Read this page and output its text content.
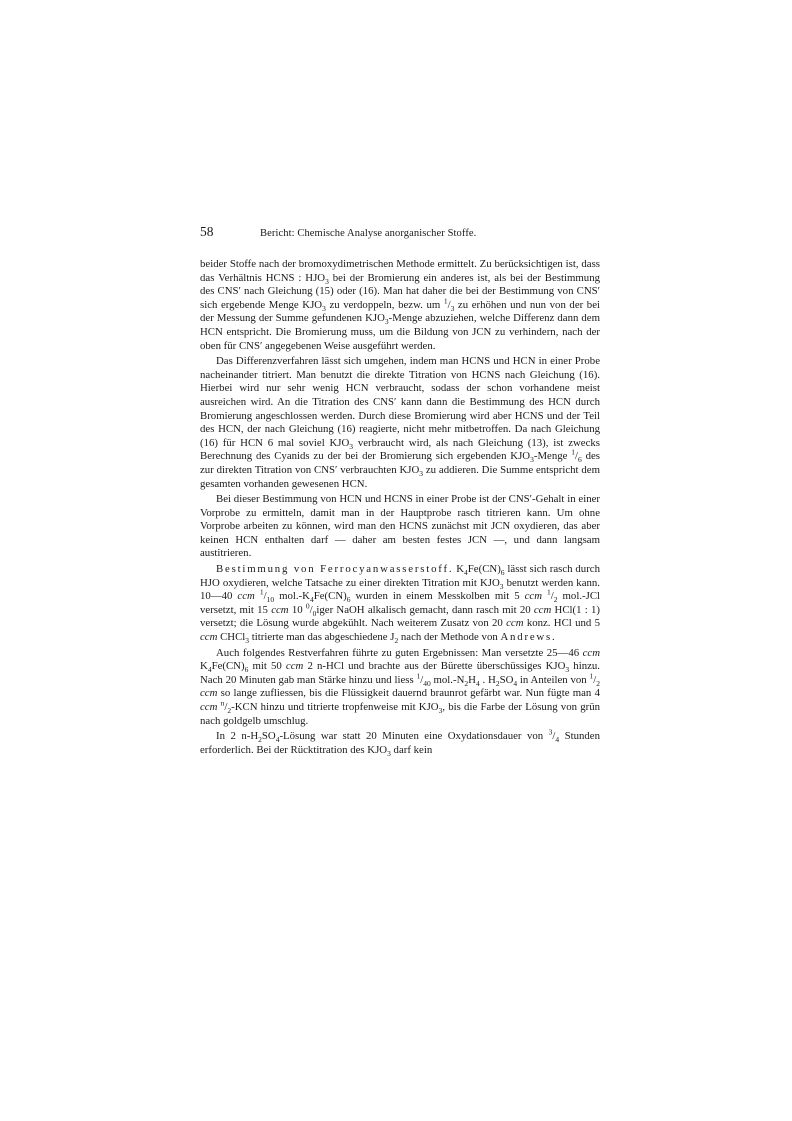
58	Bericht: Chemische Analyse anorganischer Stoffe.

beider Stoffe nach der bromoxydimetrischen Methode ermittelt. Zu berücksichtigen ist, dass das Verhältnis HCNS : $HJO_3$ bei der Bromierung ein anderes ist, als bei der Bestimmung des CNS′ nach Gleichung (15) oder (16). Man hat daher die bei der Bestimmung von CNS′ sich ergebende Menge $KJO_3$ zu verdoppeln, bezw. um $^1/_3$ zu erhöhen und nun von der bei der Messung der Summe gefundenen $KJO_3$-Menge abzuziehen, welche Differenz dann dem HCN entspricht. Die Bromierung muss, um die Bildung von JCN zu verhindern, nach der oben für CNS′ angegebenen Weise ausgeführt werden.

Das Differenzverfahren lässt sich umgehen, indem man HCNS und HCN in einer Probe nacheinander titriert. Man benutzt die direkte Titration von HCNS nach Gleichung (16). Hierbei wird nur sehr wenig HCN verbraucht, sodass der schon vorhandene meist ausreichen wird. An die Titration des CNS′ kann dann die Bestimmung des HCN durch Bromierung angeschlossen werden. Durch diese Bromierung wird aber HCNS und der Teil des HCN, der nach Gleichung (16) reagierte, nicht mehr mitbetroffen. Da nach Gleichung (16) für HCN 6 mal soviel $KJO_3$ verbraucht wird, als nach Gleichung (13), ist zwecks Berechnung des Cyanids zu der bei der Bromierung sich ergebenden $KJO_3$-Menge $^1/_6$ des zur direkten Titration von CNS′ verbrauchten $KJO_3$ zu addieren. Die Summe entspricht dem gesamten vorhanden gewesenen HCN.

Bei dieser Bestimmung von HCN und HCNS in einer Probe ist der CNS′-Gehalt in einer Vorprobe zu ermitteln, damit man in der Hauptprobe rasch titrieren kann. Um ohne Vorprobe arbeiten zu können, wird man den HCNS zunächst mit JCN oxydieren, das aber keinen HCN enthalten darf — daher am besten festes JCN —, und dann langsam austitrieren.

Bestimmung von Ferrocyanwasserstoff. $K_4Fe(CN)_6$ lässt sich rasch durch HJO oxydieren, welche Tatsache zu einer direkten Titration mit $KJO_3$ benutzt werden kann. 10—40 ccm $^1/_{10}$ $mol.-K_4Fe(CN)_6$ wurden in einem Messkolben mit 5 ccm $^1/_2$ mol.-JCl versetzt, mit 15 ccm 10 $^0/_0iger$ NaOH alkalisch gemacht, dann rasch mit 20 ccm HCl(1 : 1) versetzt; die Lösung wurde abgekühlt. Nach weiterem Zusatz von 20 ccm konz. HCl und 5 ccm CHCl$_3$ titrierte man das abgeschiedene $J_2$ nach der Methode von Andrews.

Auch folgendes Restverfahren führte zu guten Ergebnissen: Man versetzte 25—46 ccm $K_4Fe(CN)_6$ mit 50 ccm 2 n-HCl und brachte aus der Bürette überschüssiges $KJO_3$ hinzu. Nach 20 Minuten gab man Stärke hinzu und liess $^1/_{40}$ $mol.-N_2H_4$ . $H_2SO_4$ in Anteilen von $^1/_2$ ccm so lange zufliessen, bis die Flüssigkeit dauernd braunrot gefärbt war. Nun fügte man 4 ccm $^n/_2$-KCN hinzu und titrierte tropfenweise mit $KJO_3$, bis die Farbe der Lösung von grün nach goldgelb umschlug.

In 2 $n-H_2SO_4$-Lösung war statt 20 Minuten eine Oxydationsdauer von $^3/_4$ Stunden erforderlich. Bei der Rücktitration des $KJO_3$ darf kein
